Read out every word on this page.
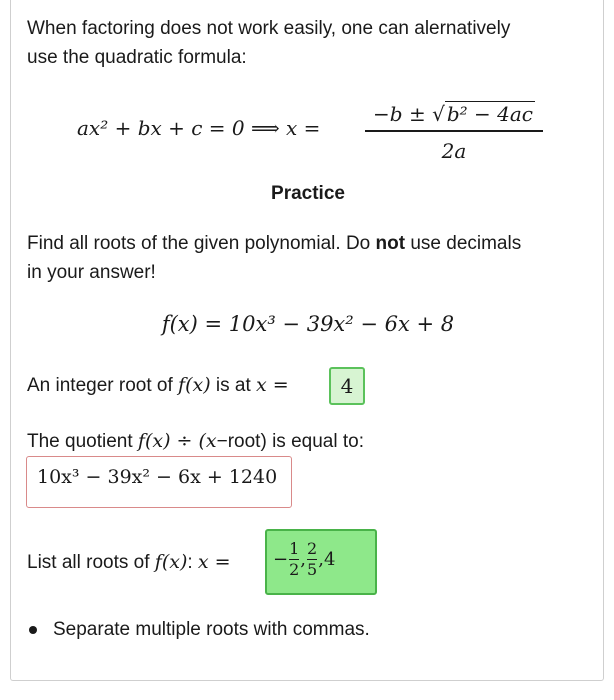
When factoring does not work easily, one can alernatively
use the quadratic formula:
ax² + bx + c = 0 ⟹ x =
−b ± √ b² − 4ac
2a
Practice
Find all roots of the given polynomial. Do not use decimals
in your answer!
f(x) = 10x³ − 39x² − 6x + 8
An integer root of f(x) is at x =	4
The quotient f(x) ÷ (x−root) is equal to:
10x³ − 39x² − 6x + 1240
List all roots of f(x): x =	− $\frac{1}{2}$ , $\frac{2}{5} ,4$
Separate multiple roots with commas.
